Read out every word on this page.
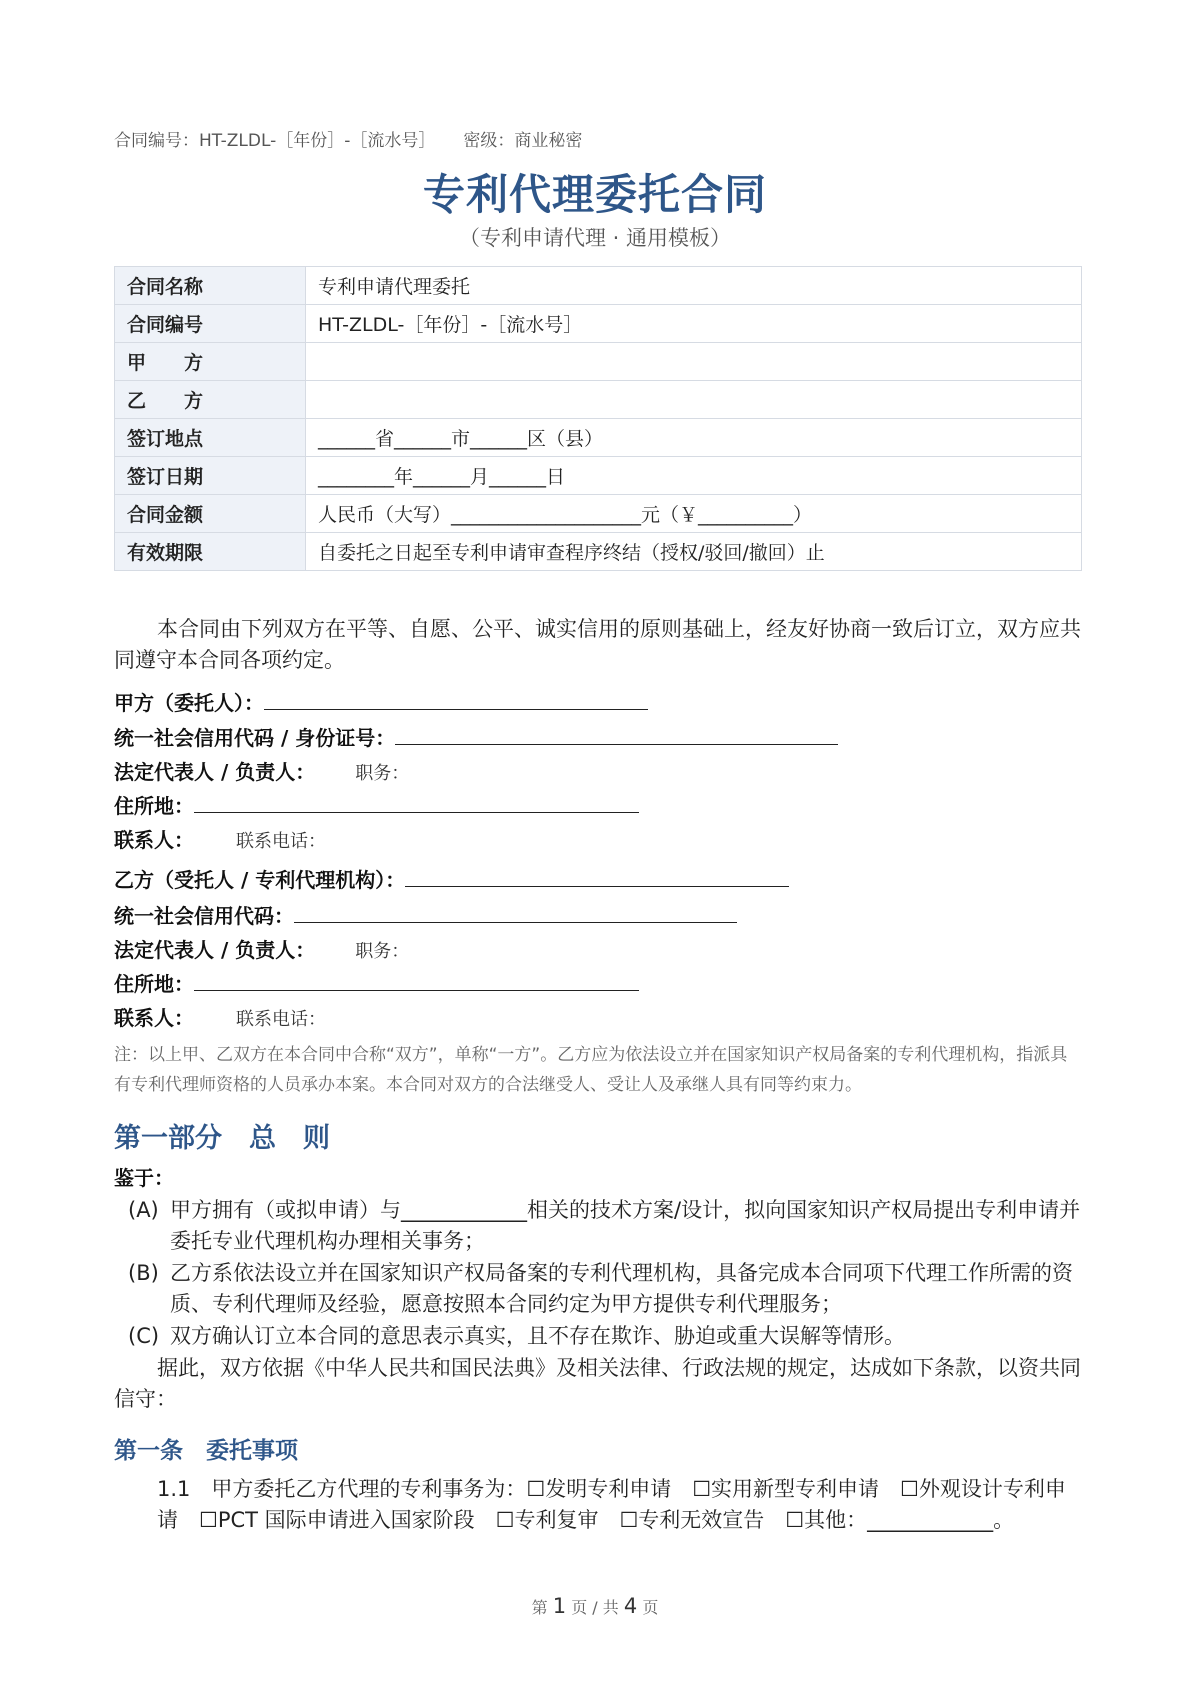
合同编号：HT-ZLDL-［年份］-［流水号］ 密级：商业秘密
专利代理委托合同
（专利申请代理 · 通用模板）
合同名称	专利申请代理委托
合同编号	HT-ZLDL-［年份］-［流水号］
甲　　方	
乙　　方	
签订地点	______省______市______区（县）
签订日期	________年______月______日
合同金额	人民币（大写）____________________元（￥__________）
有效期限	自委托之日起至专利申请审查程序终结（授权/驳回/撤回）止
本合同由下列双方在平等、自愿、公平、诚实信用的原则基础上，经友好协商一致后订立，双方应共同遵守本合同各项约定。
甲方（委托人）：
统一社会信用代码 / 身份证号：
法定代表人 / 负责人： 职务：
住所地：
联系人： 联系电话：
乙方（受托人 / 专利代理机构）：
统一社会信用代码：
法定代表人 / 负责人： 职务：
住所地：
联系人： 联系电话：
注：以上甲、乙双方在本合同中合称“双方”，单称“一方”。乙方应为依法设立并在国家知识产权局备案的专利代理机构，指派具有专利代理师资格的人员承办本案。本合同对双方的合法继受人、受让人及承继人具有同等约束力。
第一部分　总　则
鉴于：
(A) 甲方拥有（或拟申请）与____________相关的技术方案/设计，拟向国家知识产权局提出专利申请并委托专业代理机构办理相关事务；
(B) 乙方系依法设立并在国家知识产权局备案的专利代理机构，具备完成本合同项下代理工作所需的资质、专利代理师及经验，愿意按照本合同约定为甲方提供专利代理服务；
(C) 双方确认订立本合同的意思表示真实，且不存在欺诈、胁迫或重大误解等情形。
据此，双方依据《中华人民共和国民法典》及相关法律、行政法规的规定，达成如下条款，以资共同信守：
第一条　委托事项
1.1　甲方委托乙方代理的专利事务为：☐发明专利申请　☐实用新型专利申请　☐外观设计专利申请　☐PCT 国际申请进入国家阶段　☐专利复审　☐专利无效宣告　☐其他：____________。
第 1 页 / 共 4 页
